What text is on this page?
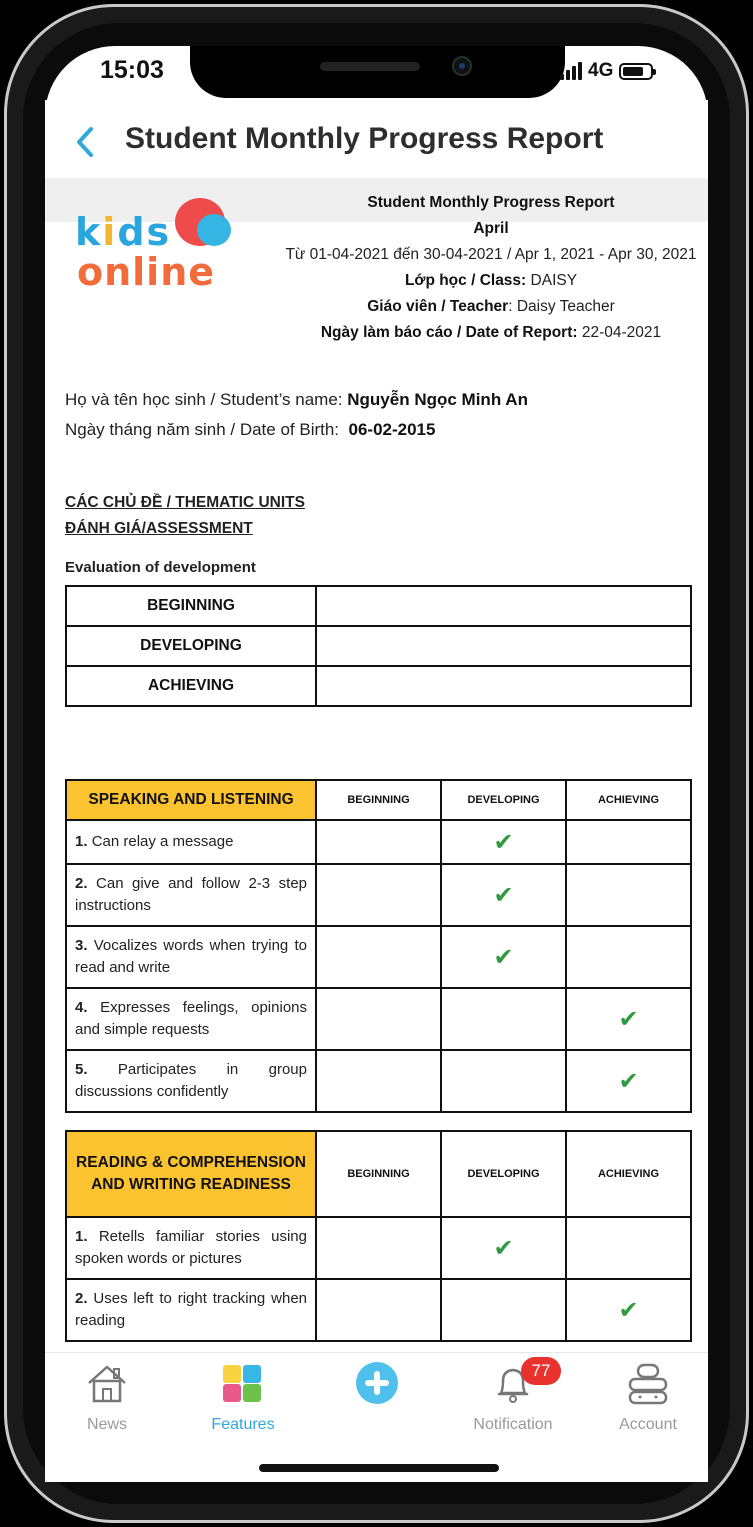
15:03	4G
Student Monthly Progress Report
kids
online
Student Monthly Progress Report
April
Từ 01-04-2021 đến 30-04-2021 / Apr 1, 2021 - Apr 30, 2021
Lớp học / Class: DAISY
Giáo viên / Teacher: Daisy Teacher
Ngày làm báo cáo / Date of Report: 22-04-2021
Họ và tên học sinh / Student’s name: Nguyễn Ngọc Minh An
Ngày tháng năm sinh / Date of Birth: 06-02-2015
CÁC CHỦ ĐỀ / THEMATIC UNITS
ĐÁNH GIÁ/ASSESSMENT
Evaluation of development
BEGINNING	
DEVELOPING	
ACHIEVING	
SPEAKING AND LISTENING	BEGINNING	DEVELOPING	ACHIEVING
1. Can relay a message		✔	
2. Can give and follow 2-3 step instructions		✔	
3. Vocalizes words when trying to read and write		✔	
4. Expresses feelings, opinions and simple requests			✔
5. Participates in group discussions confidently			✔
READING & COMPREHENSION AND WRITING READINESS	BEGINNING	DEVELOPING	ACHIEVING
1. Retells familiar stories using spoken words or pictures		✔	
2. Uses left to right tracking when reading			✔
News	Features
77
Notification	Account
